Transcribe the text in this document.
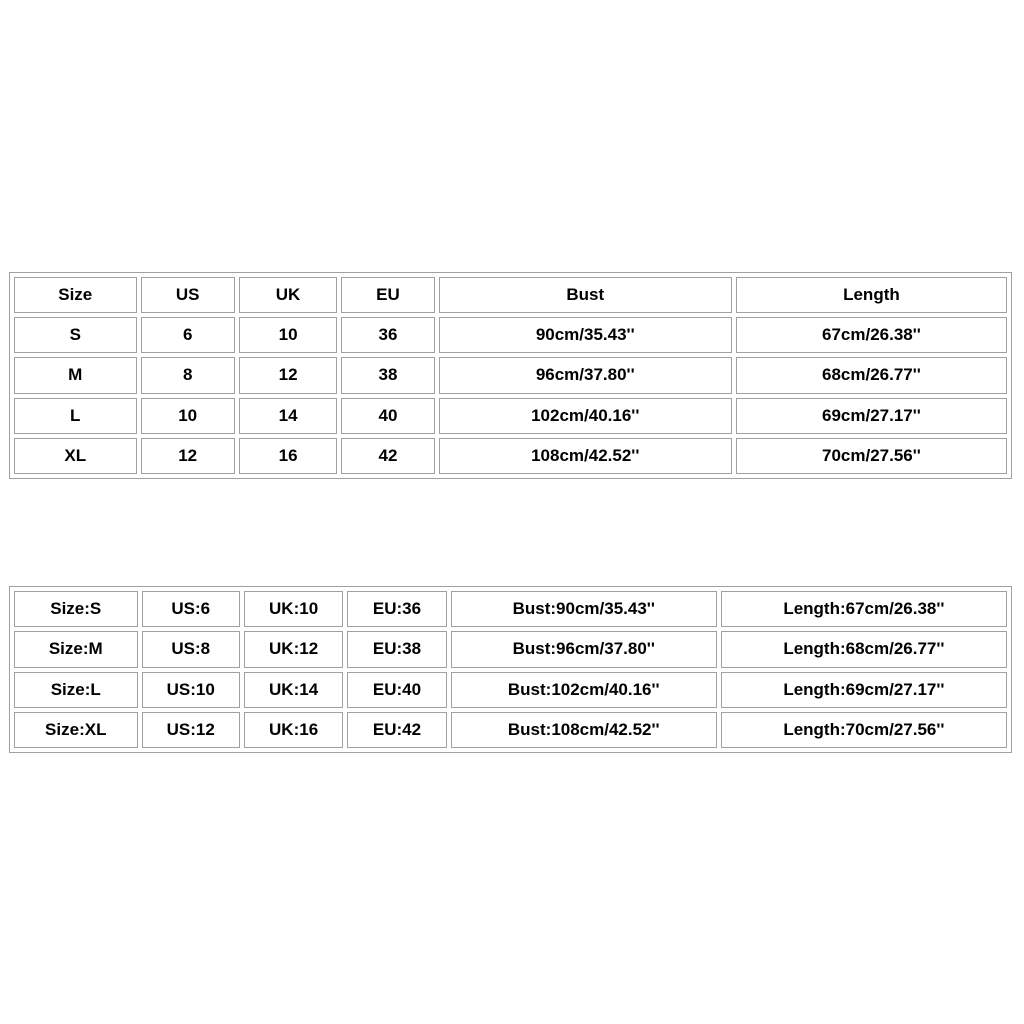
Size	US	UK	EU	Bust	Length
S	6	10	36	90cm/35.43''	67cm/26.38''
M	8	12	38	96cm/37.80''	68cm/26.77''
L	10	14	40	102cm/40.16''	69cm/27.17''
XL	12	16	42	108cm/42.52''	70cm/27.56''
Size:S	US:6	UK:10	EU:36	Bust:90cm/35.43''	Length:67cm/26.38''
Size:M	US:8	UK:12	EU:38	Bust:96cm/37.80''	Length:68cm/26.77''
Size:L	US:10	UK:14	EU:40	Bust:102cm/40.16''	Length:69cm/27.17''
Size:XL	US:12	UK:16	EU:42	Bust:108cm/42.52''	Length:70cm/27.56''
